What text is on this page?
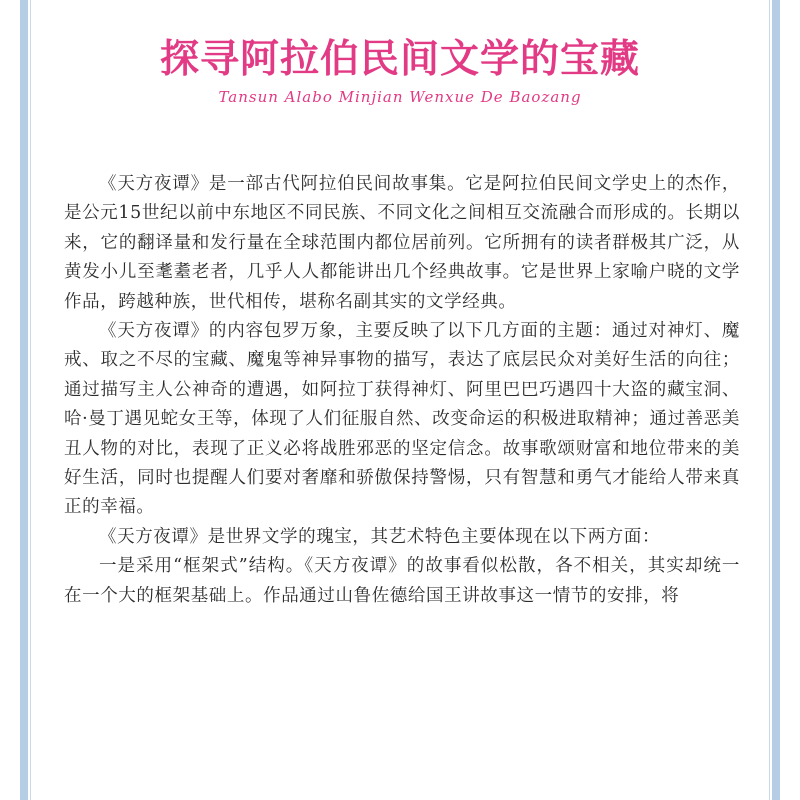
探寻阿拉伯民间文学的宝藏
Tansun Alabo Minjian Wenxue De Baozang

《天方夜谭》是一部古代阿拉伯民间故事集。它是阿拉伯民间文学史上的杰作，是公元15世纪以前中东地区不同民族、不同文化之间相互交流融合而形成的。长期以来，它的翻译量和发行量在全球范围内都位居前列。它所拥有的读者群极其广泛，从黄发小儿至耄耋老者，几乎人人都能讲出几个经典故事。它是世界上家喻户晓的文学作品，跨越种族，世代相传，堪称名副其实的文学经典。

《天方夜谭》的内容包罗万象，主要反映了以下几方面的主题：通过对神灯、魔戒、取之不尽的宝藏、魔鬼等神异事物的描写，表达了底层民众对美好生活的向往；通过描写主人公神奇的遭遇，如阿拉丁获得神灯、阿里巴巴巧遇四十大盗的藏宝洞、哈·曼丁遇见蛇女王等，体现了人们征服自然、改变命运的积极进取精神；通过善恶美丑人物的对比，表现了正义必将战胜邪恶的坚定信念。故事歌颂财富和地位带来的美好生活，同时也提醒人们要对奢靡和骄傲保持警惕，只有智慧和勇气才能给人带来真正的幸福。

《天方夜谭》是世界文学的瑰宝，其艺术特色主要体现在以下两方面：

一是采用“框架式”结构。《天方夜谭》的故事看似松散，各不相关，其实却统一在一个大的框架基础上。作品通过山鲁佐德给国王讲故事这一情节的安排，将
